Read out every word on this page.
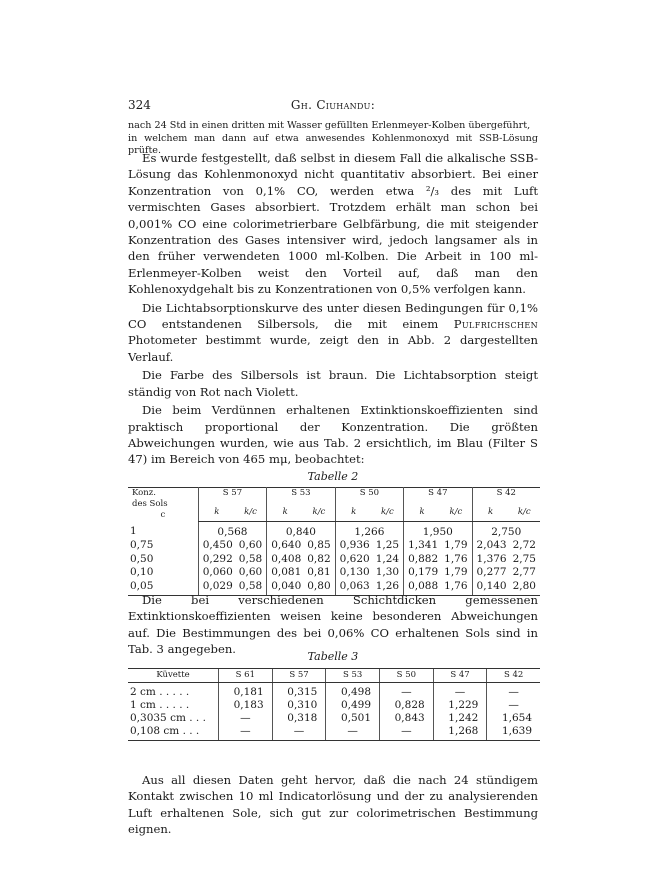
324	Gh. Ciuhandu:
nach 24 Std in einen dritten mit Wasser gefüllten Erlenmeyer-Kolben übergeführt,
in welchem man dann auf etwa anwesendes Kohlenmonoxyd mit SSB-Lösung prüfte.

Es wurde festgestellt, daß selbst in diesem Fall die alkalische SSB-Lösung das Kohlenmonoxyd nicht quantitativ absorbiert. Bei einer Konzentration von 0,1% CO, werden etwa ²/₃ des mit Luft vermischten Gases absorbiert. Trotzdem erhält man schon bei 0,001% CO eine colorimetrierbare Gelbfärbung, die mit steigender Konzentration des Gases intensiver wird, jedoch langsamer als in den früher verwendeten 1000 ml-Kolben. Die Arbeit in 100 ml-Erlenmeyer-Kolben weist den Vorteil auf, daß man den Kohlenoxydgehalt bis zu Konzentrationen von 0,5% verfolgen kann.

Die Lichtabsorptionskurve des unter diesen Bedingungen für 0,1% CO entstandenen Silbersols, die mit einem Pulfrichschen Photometer bestimmt wurde, zeigt den in Abb. 2 dargestellten Verlauf.

Die Farbe des Silbersols ist braun. Die Lichtabsorption steigt ständig von Rot nach Violett.

Die beim Verdünnen erhaltenen Extinktionskoeffizienten sind praktisch proportional der Konzentration. Die größten Abweichungen wurden, wie aus Tab. 2 ersichtlich, im Blau (Filter S 47) im Bereich von 465 mμ, beobachtet:

Tabelle 2
Konz.
des Sols
c	S 57		S 53		S 50		S 47		S 42	
	k	k/c	k	k/c	k	k/c	k	k/c	k	k/c
1	0,568		0,840		1,266		1,950		2,750	
0,75	0,450	0,60	0,640	0,85	0,936	1,25	1,341	1,79	2,043	2,72
0,50	0,292	0,58	0,408	0,82	0,620	1,24	0,882	1,76	1,376	2,75
0,10	0,060	0,60	0,081	0,81	0,130	1,30	0,179	1,79	0,277	2,77
0,05	0,029	0,58	0,040	0,80	0,063	1,26	0,088	1,76	0,140	2,80

Die bei verschiedenen Schichtdicken gemessenen Extinktionskoeffizienten weisen keine besonderen Abweichungen auf. Die Bestimmungen des bei 0,06% CO erhaltenen Sols sind in Tab. 3 angegeben.

Tabelle 3
Küvette	S 61	S 57	S 53	S 50	S 47	S 42
2 cm . . . . .	0,181	0,315	0,498	—	—	—
1 cm . . . . .	0,183	0,310	0,499	0,828	1,229	—
0,3035 cm . . .	—	0,318	0,501	0,843	1,242	1,654
0,108 cm . . .	—	—	—	—	1,268	1,639

Aus all diesen Daten geht hervor, daß die nach 24 stündigem Kontakt zwischen 10 ml Indicatorlösung und der zu analysierenden Luft erhaltenen Sole, sich gut zur colorimetrischen Bestimmung eignen.
